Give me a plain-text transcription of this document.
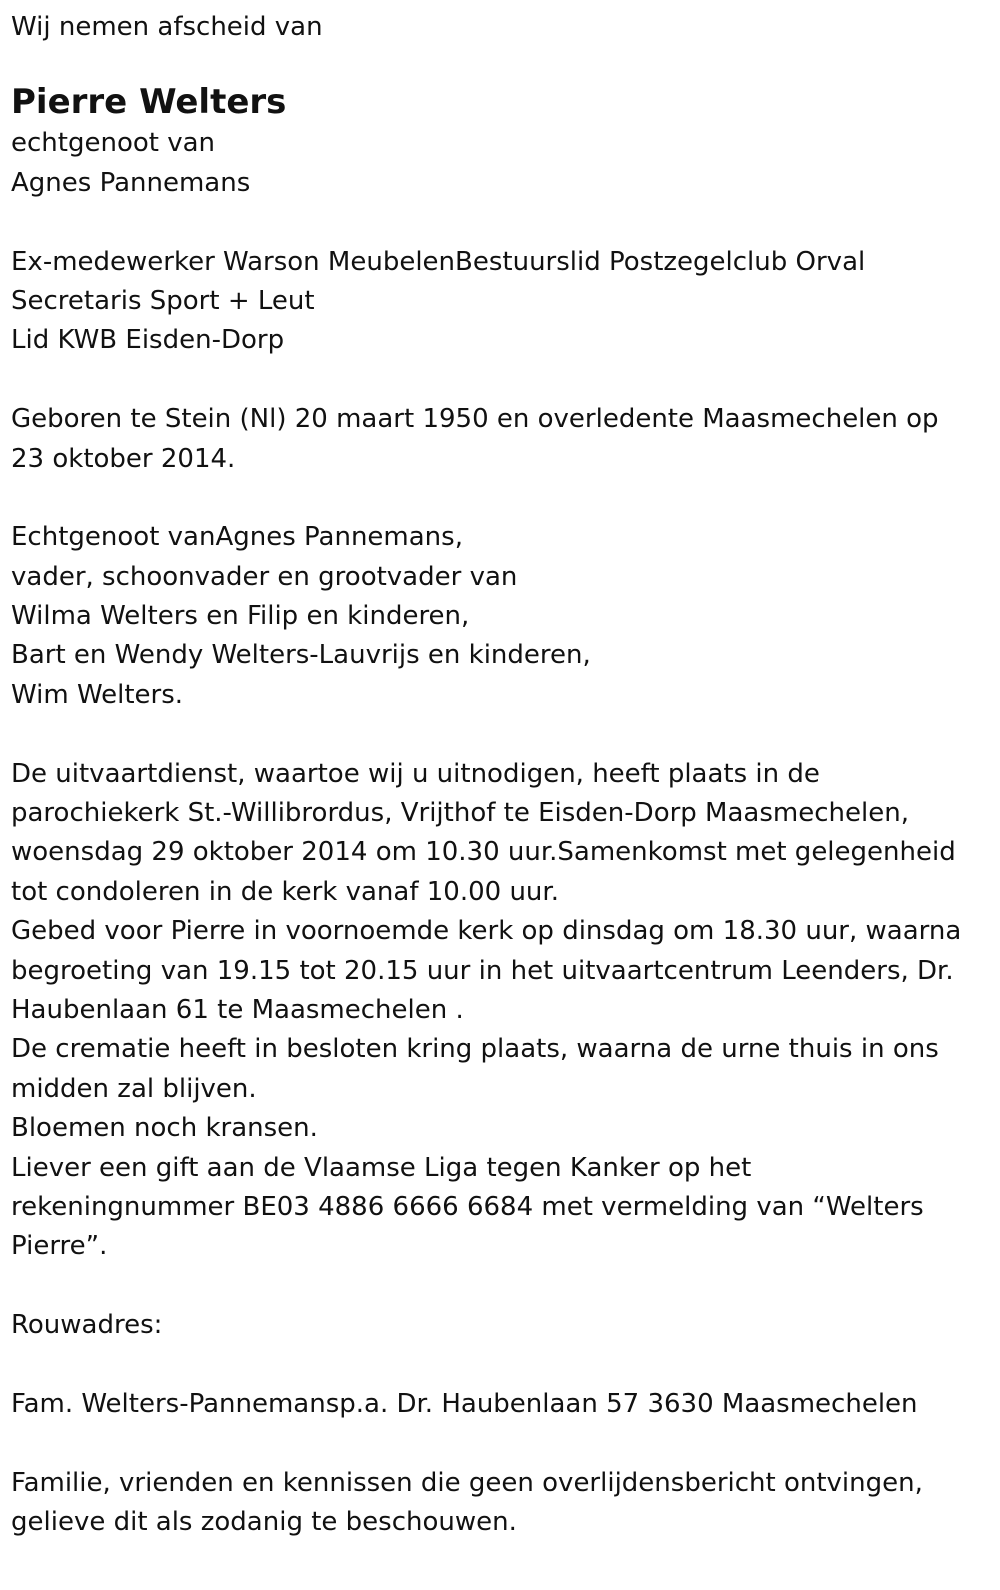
Wij nemen afscheid van
Pierre Welters
echtgenoot van
Agnes Pannemans
Ex-medewerker Warson MeubelenBestuurslid Postzegelclub Orval
Secretaris Sport + Leut
Lid KWB Eisden-Dorp
Geboren te Stein (Nl) 20 maart 1950 en overledente Maasmechelen op
23 oktober 2014.
Echtgenoot vanAgnes Pannemans,
vader, schoonvader en grootvader van
Wilma Welters en Filip en kinderen,
Bart en Wendy Welters-Lauvrijs en kinderen,
Wim Welters.
De uitvaartdienst, waartoe wij u uitnodigen, heeft plaats in de
parochiekerk St.-Willibrordus, Vrijthof te Eisden-Dorp Maasmechelen,
woensdag 29 oktober 2014 om 10.30 uur.Samenkomst met gelegenheid
tot condoleren in de kerk vanaf 10.00 uur.
Gebed voor Pierre in voornoemde kerk op dinsdag om 18.30 uur, waarna
begroeting van 19.15 tot 20.15 uur in het uitvaartcentrum Leenders, Dr.
Haubenlaan 61 te Maasmechelen .
De crematie heeft in besloten kring plaats, waarna de urne thuis in ons
midden zal blijven.
Bloemen noch kransen.
Liever een gift aan de Vlaamse Liga tegen Kanker op het
rekeningnummer BE03 4886 6666 6684 met vermelding van “Welters
Pierre”.
Rouwadres:
Fam. Welters-Pannemansp.a. Dr. Haubenlaan 57 3630 Maasmechelen
Familie, vrienden en kennissen die geen overlijdensbericht ontvingen,
gelieve dit als zodanig te beschouwen.
